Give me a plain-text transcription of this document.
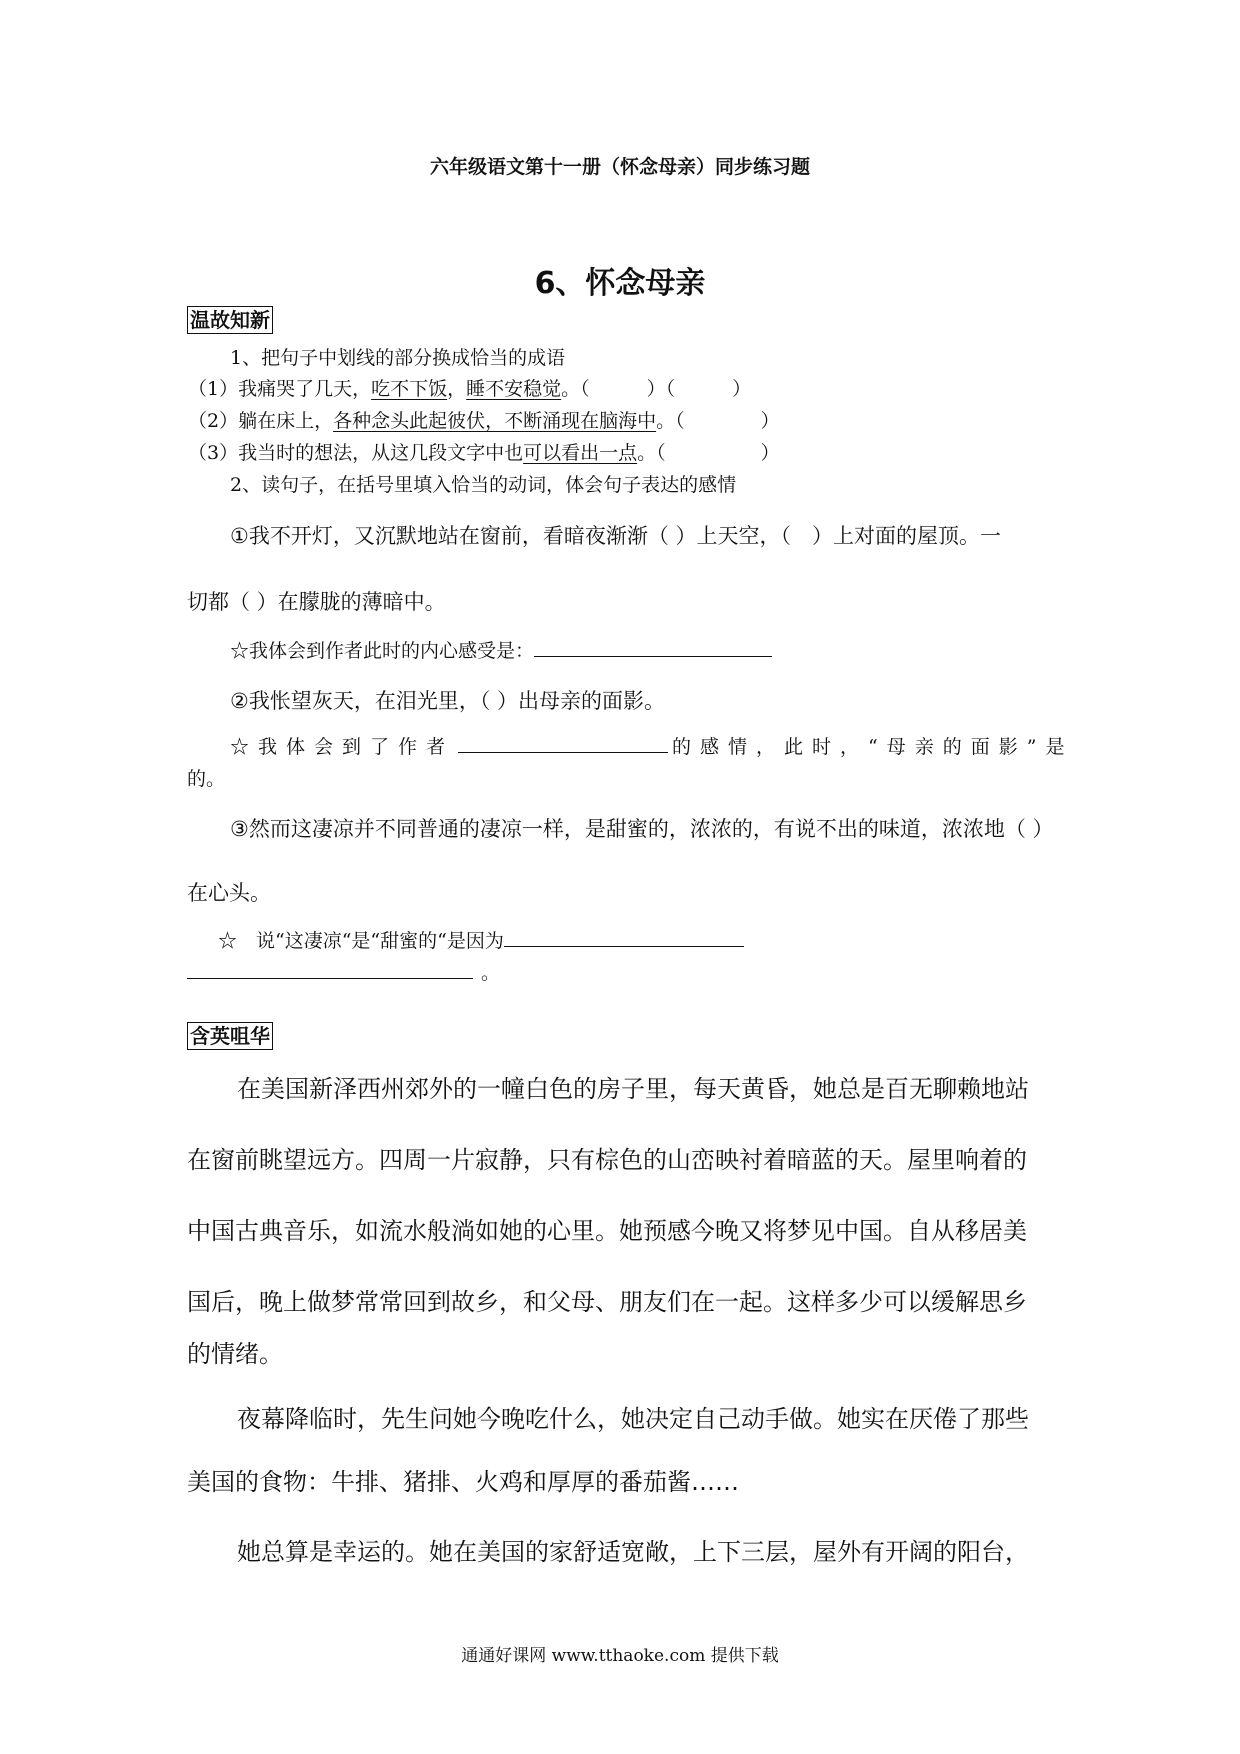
六年级语文第十一册（怀念母亲）同步练习题
6、怀念母亲
温故知新
1、把句子中划线的部分换成恰当的成语
（1）我痛哭了几天，吃不下饭，睡不安稳觉。（　　　）（　　　）
（2）躺在床上，各种念头此起彼伏，不断涌现在脑海中。（　　　　）
（3）我当时的想法，从这几段文字中也可以看出一点。（　　　　　）
2、读句子，在括号里填入恰当的动词，体会句子表达的感情
①我不开灯，又沉默地站在窗前，看暗夜渐渐（ ）上天空，（　）上对面的屋顶。一
切都（ ）在朦胧的薄暗中。
☆我体会到作者此时的内心感受是：
②我怅望灰天，在泪光里，（ ）出母亲的面影。
☆我体会到了作者	的感情，此时，“母亲的面影”是
的。
③然而这凄凉并不同普通的凄凉一样，是甜蜜的，浓浓的，有说不出的味道，浓浓地（ ）
在心头。
☆　说“这凄凉“是“甜蜜的“是因为
。
含英咀华
在美国新泽西州郊外的一幢白色的房子里，每天黄昏，她总是百无聊赖地站
在窗前眺望远方。四周一片寂静，只有棕色的山峦映衬着暗蓝的天。屋里响着的
中国古典音乐，如流水般淌如她的心里。她预感今晚又将梦见中国。自从移居美
国后，晚上做梦常常回到故乡，和父母、朋友们在一起。这样多少可以缓解思乡
的情绪。
夜幕降临时，先生问她今晚吃什么，她决定自己动手做。她实在厌倦了那些
美国的食物：牛排、猪排、火鸡和厚厚的番茄酱……
她总算是幸运的。她在美国的家舒适宽敞，上下三层，屋外有开阔的阳台，
通通好课网 www.tthaoke.com 提供下载
